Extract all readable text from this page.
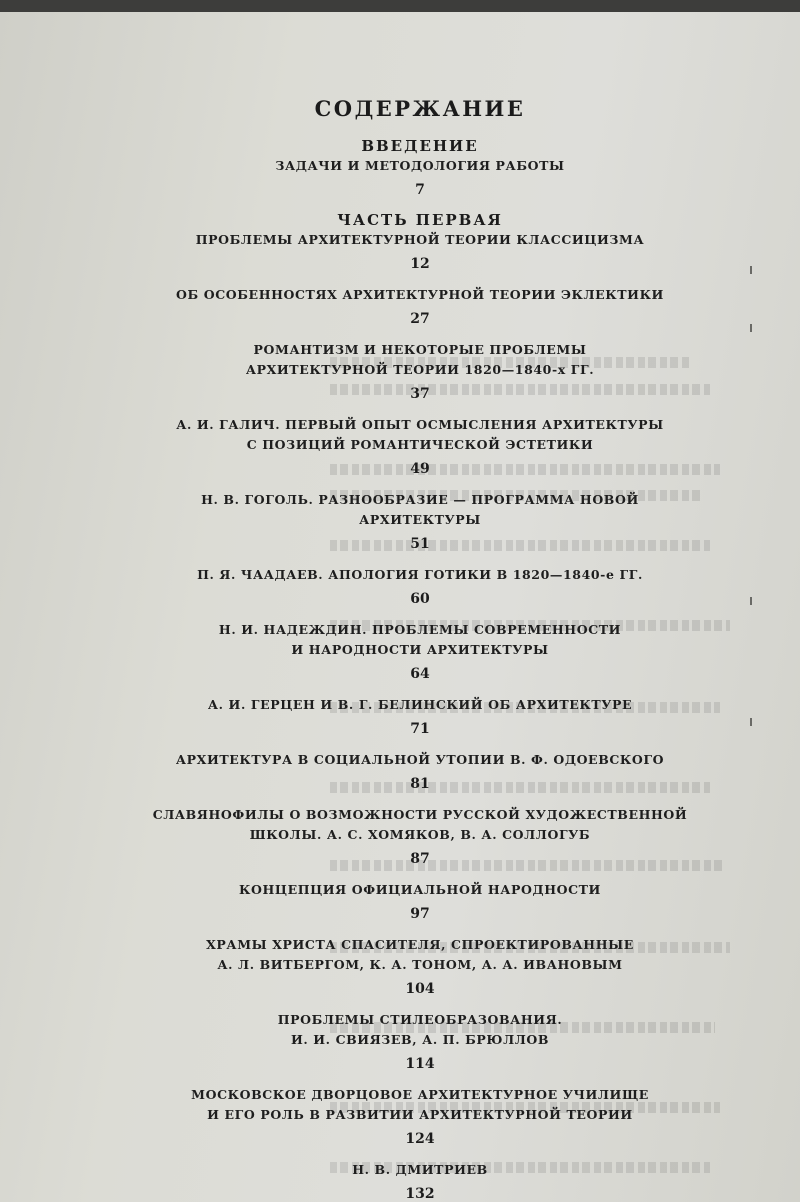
СОДЕРЖАНИЕ
ВВЕДЕНИЕ
ЗАДАЧИ И МЕТОДОЛОГИЯ РАБОТЫ
7
ЧАСТЬ ПЕРВАЯ
ПРОБЛЕМЫ АРХИТЕКТУРНОЙ ТЕОРИИ КЛАССИЦИЗМА
12
ОБ ОСОБЕННОСТЯХ АРХИТЕКТУРНОЙ ТЕОРИИ ЭКЛЕКТИКИ
27
РОМАНТИЗМ И НЕКОТОРЫЕ ПРОБЛЕМЫ
АРХИТЕКТУРНОЙ ТЕОРИИ 1820—1840-х ГГ.
37
А. И. ГАЛИЧ. ПЕРВЫЙ ОПЫТ ОСМЫСЛЕНИЯ АРХИТЕКТУРЫ
С ПОЗИЦИЙ РОМАНТИЧЕСКОЙ ЭСТЕТИКИ
49
Н. В. ГОГОЛЬ. РАЗНООБРАЗИЕ — ПРОГРАММА НОВОЙ
АРХИТЕКТУРЫ
51
П. Я. ЧААДАЕВ. АПОЛОГИЯ ГОТИКИ В 1820—1840-е ГГ.
60
Н. И. НАДЕЖДИН. ПРОБЛЕМЫ СОВРЕМЕННОСТИ
И НАРОДНОСТИ АРХИТЕКТУРЫ
64
А. И. ГЕРЦЕН И В. Г. БЕЛИНСКИЙ ОБ АРХИТЕКТУРЕ
71
АРХИТЕКТУРА В СОЦИАЛЬНОЙ УТОПИИ В. Ф. ОДОЕВСКОГО
81
СЛАВЯНОФИЛЫ О ВОЗМОЖНОСТИ РУССКОЙ ХУДОЖЕСТВЕННОЙ
ШКОЛЫ. А. С. ХОМЯКОВ, В. А. СОЛЛОГУБ
87
КОНЦЕПЦИЯ ОФИЦИАЛЬНОЙ НАРОДНОСТИ
97
ХРАМЫ ХРИСТА СПАСИТЕЛЯ, СПРОЕКТИРОВАННЫЕ
А. Л. ВИТБЕРГОМ, К. А. ТОНОМ, А. А. ИВАНОВЫМ
104
ПРОБЛЕМЫ СТИЛЕОБРАЗОВАНИЯ.
И. И. СВИЯЗЕВ, А. П. БРЮЛЛОВ
114
МОСКОВСКОЕ ДВОРЦОВОЕ АРХИТЕКТУРНОЕ УЧИЛИЩЕ
И ЕГО РОЛЬ В РАЗВИТИИ АРХИТЕКТУРНОЙ ТЕОРИИ
124
Н. В. ДМИТРИЕВ
132
